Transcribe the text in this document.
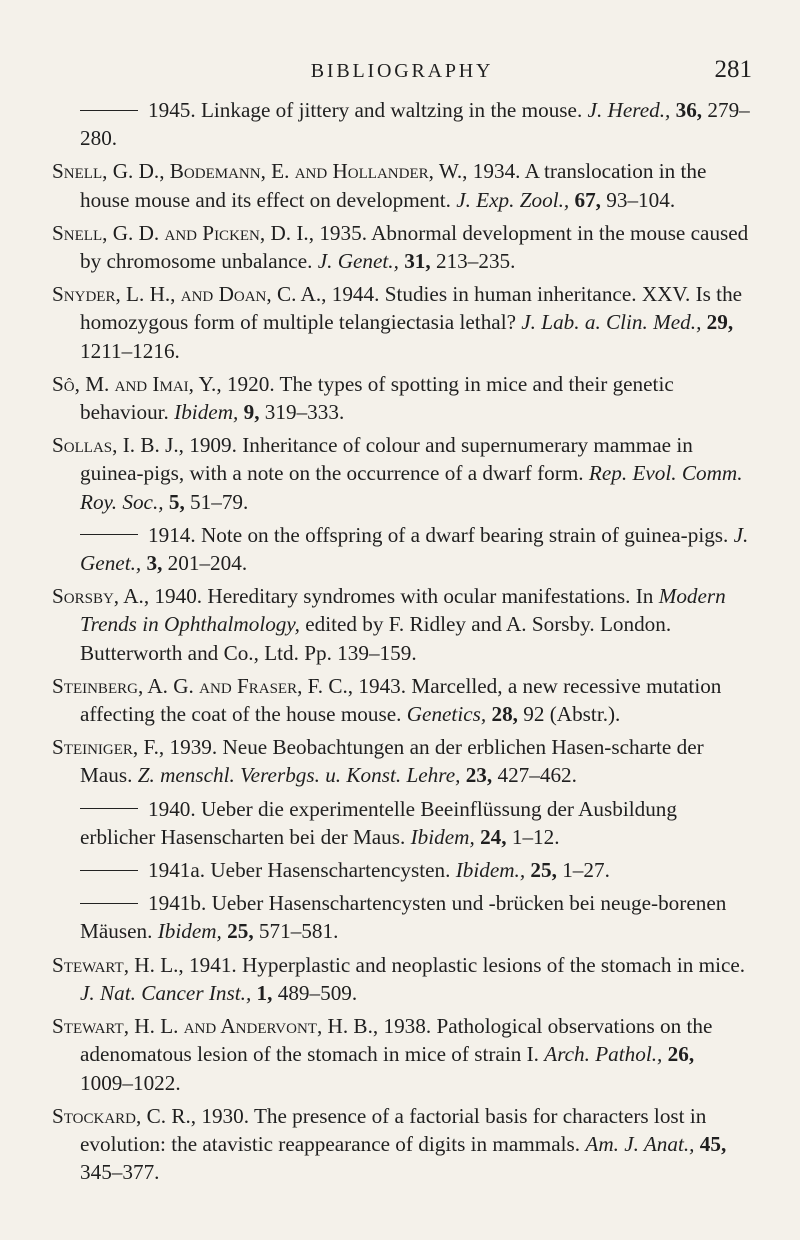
BIBLIOGRAPHY	281

1945. Linkage of jittery and waltzing in the mouse. J. Hered., 36, 279–280.

Snell, G. D., Bodemann, E. and Hollander, W., 1934. A translocation in the house mouse and its effect on development. J. Exp. Zool., 67, 93–104.

Snell, G. D. and Picken, D. I., 1935. Abnormal development in the mouse caused by chromosome unbalance. J. Genet., 31, 213–235.

Snyder, L. H., and Doan, C. A., 1944. Studies in human inheritance. XXV. Is the homozygous form of multiple telangiectasia lethal? J. Lab. a. Clin. Med., 29, 1211–1216.

Sô, M. and Imai, Y., 1920. The types of spotting in mice and their genetic behaviour. Ibidem, 9, 319–333.

Sollas, I. B. J., 1909. Inheritance of colour and supernumerary mammae in guinea-pigs, with a note on the occurrence of a dwarf form. Rep. Evol. Comm. Roy. Soc., 5, 51–79.

1914. Note on the offspring of a dwarf bearing strain of guinea-pigs. J. Genet., 3, 201–204.

Sorsby, A., 1940. Hereditary syndromes with ocular manifestations. In Modern Trends in Ophthalmology, edited by F. Ridley and A. Sorsby. London. Butterworth and Co., Ltd. Pp. 139–159.

Steinberg, A. G. and Fraser, F. C., 1943. Marcelled, a new recessive mutation affecting the coat of the house mouse. Genetics, 28, 92 (Abstr.).

Steiniger, F., 1939. Neue Beobachtungen an der erblichen Hasen-scharte der Maus. Z. menschl. Vererbgs. u. Konst. Lehre, 23, 427–462.

1940. Ueber die experimentelle Beeinflüssung der Ausbildung erblicher Hasenscharten bei der Maus. Ibidem, 24, 1–12.

1941a. Ueber Hasenschartencysten. Ibidem., 25, 1–27.

1941b. Ueber Hasenschartencysten und -brücken bei neuge-borenen Mäusen. Ibidem, 25, 571–581.

Stewart, H. L., 1941. Hyperplastic and neoplastic lesions of the stomach in mice. J. Nat. Cancer Inst., 1, 489–509.

Stewart, H. L. and Andervont, H. B., 1938. Pathological observations on the adenomatous lesion of the stomach in mice of strain I. Arch. Pathol., 26, 1009–1022.

Stockard, C. R., 1930. The presence of a factorial basis for characters lost in evolution: the atavistic reappearance of digits in mammals. Am. J. Anat., 45, 345–377.
